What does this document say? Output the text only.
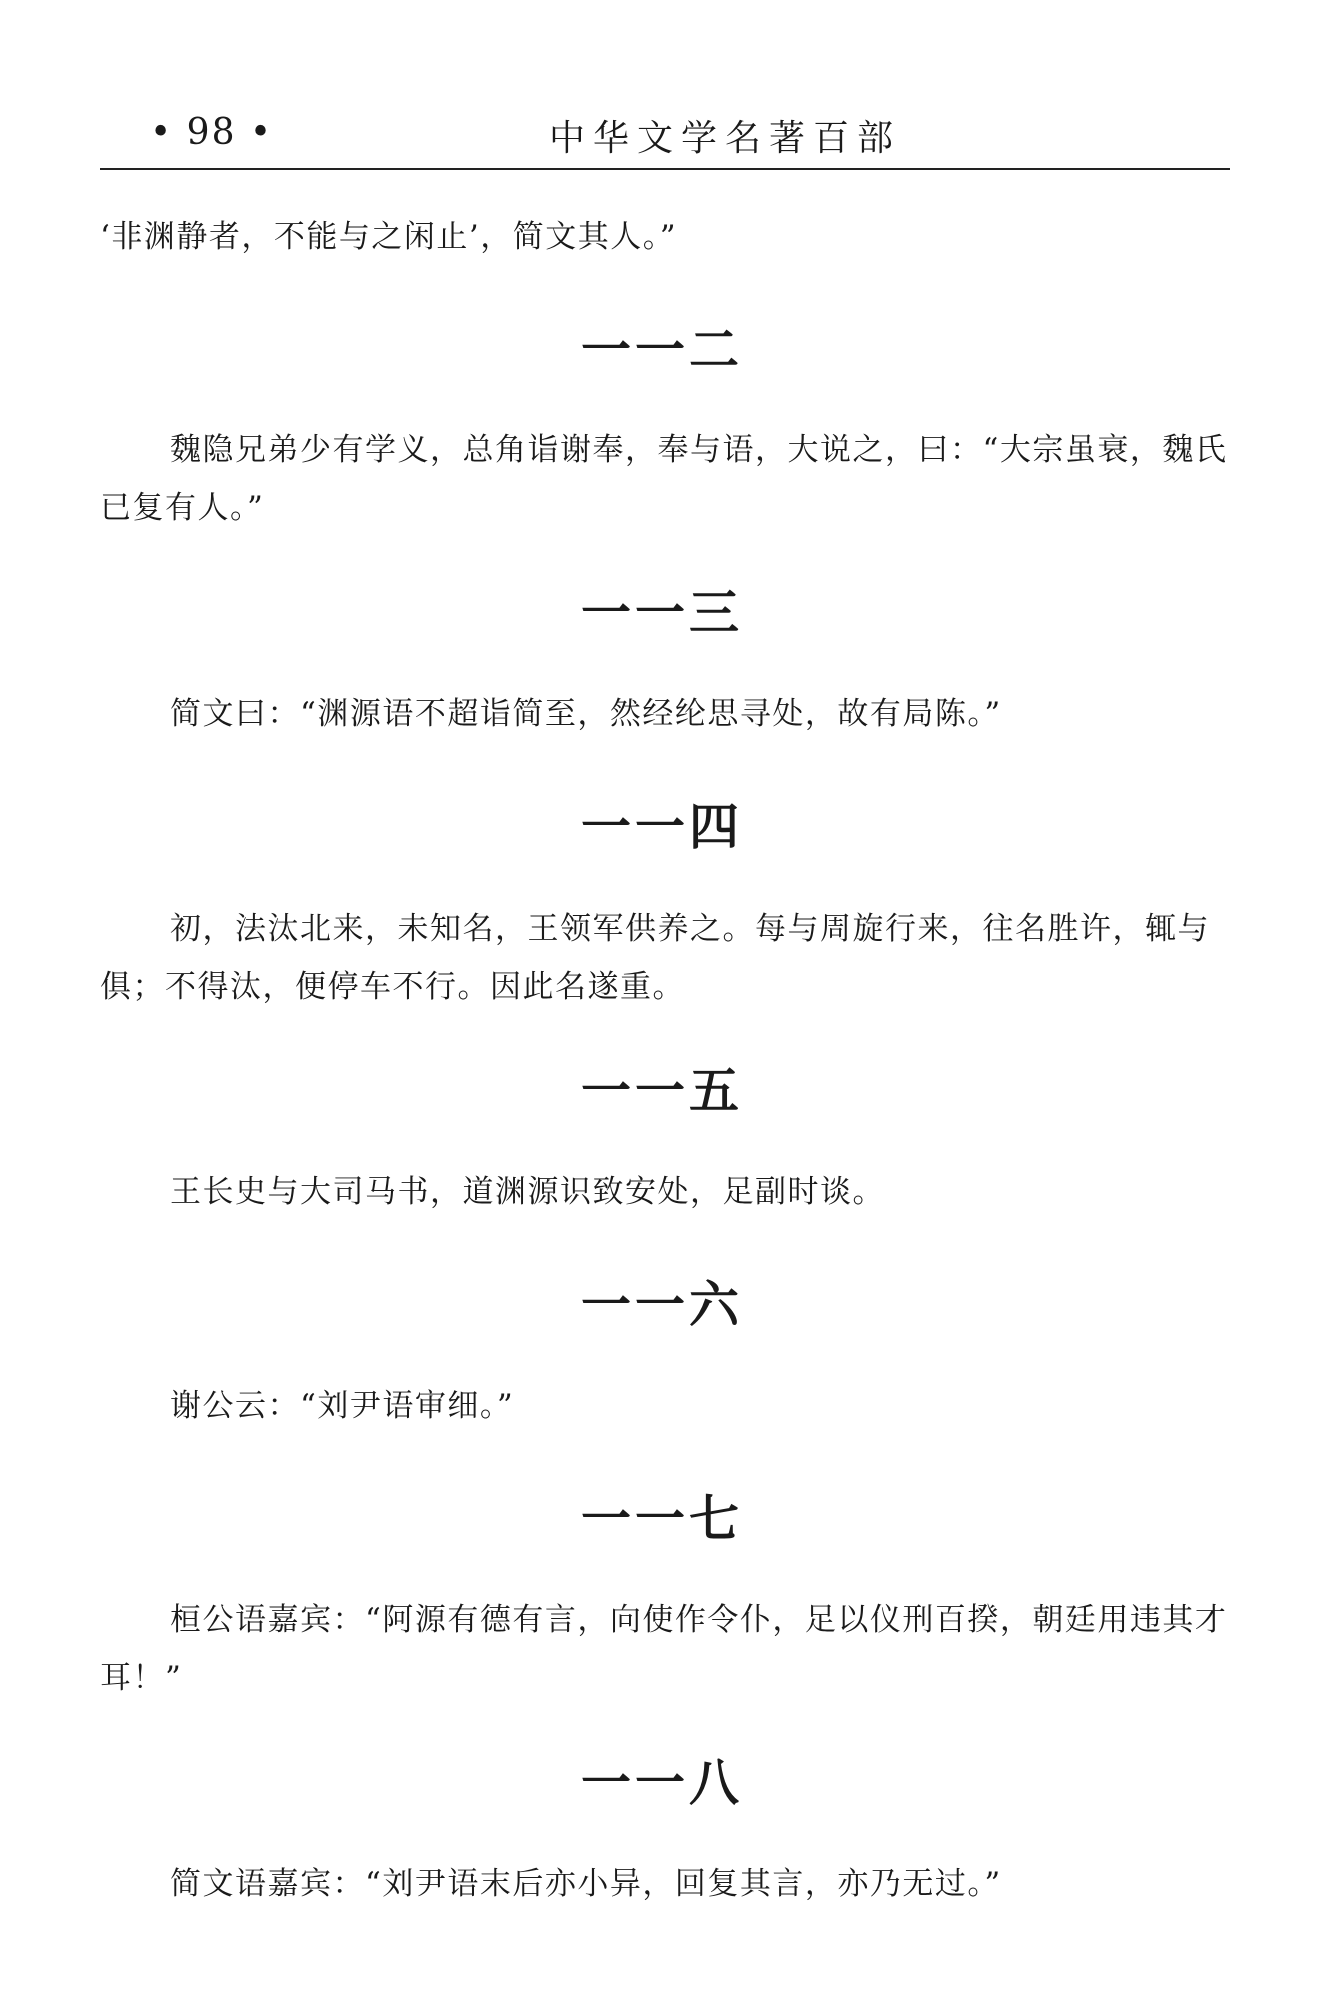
• 98 •	中华文学名著百部

‘非渊静者，不能与之闲止’，简文其人。”

一一二

魏隐兄弟少有学义，总角诣谢奉，奉与语，大说之，曰：“大宗虽衰，魏氏已复有人。”

一一三

简文曰：“渊源语不超诣简至，然经纶思寻处，故有局陈。”

一一四

初，法汰北来，未知名，王领军供养之。每与周旋行来，往名胜许，辄与俱；不得汰，便停车不行。因此名遂重。

一一五

王长史与大司马书，道渊源识致安处，足副时谈。

一一六

谢公云：“刘尹语审细。”

一一七

桓公语嘉宾：“阿源有德有言，向使作令仆，足以仪刑百揆，朝廷用违其才耳！”

一一八

简文语嘉宾：“刘尹语末后亦小异，回复其言，亦乃无过。”
